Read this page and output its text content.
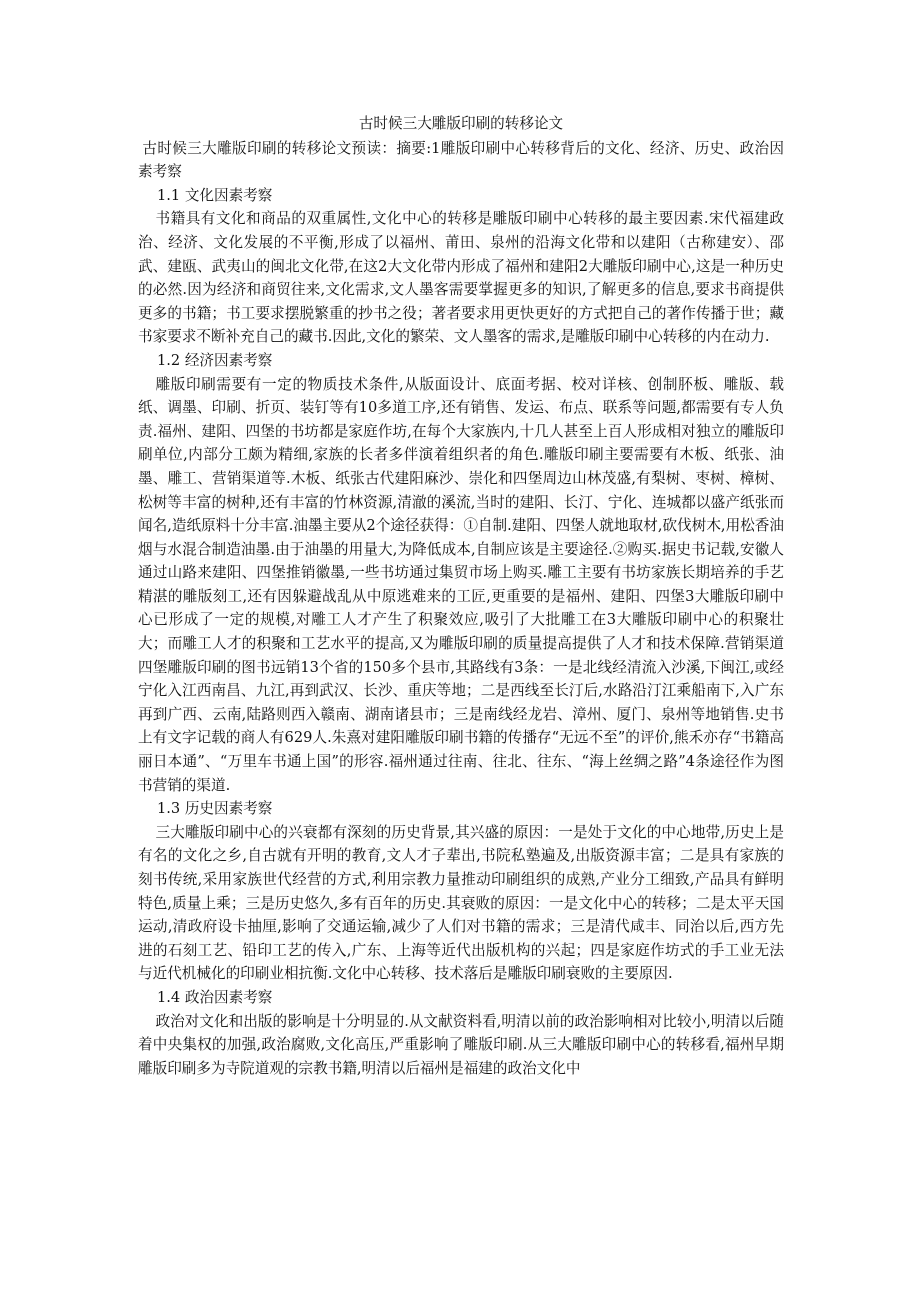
古时候三大雕版印刷的转移论文

古时候三大雕版印刷的转移论文预读：摘要:1雕版印刷中心转移背后的文化、经济、历史、政治因素考察

1.1 文化因素考察

书籍具有文化和商品的双重属性,文化中心的转移是雕版印刷中心转移的最主要因素.宋代福建政治、经济、文化发展的不平衡,形成了以福州、莆田、泉州的沿海文化带和以建阳（古称建安）、邵武、建瓯、武夷山的闽北文化带,在这2大文化带内形成了福州和建阳2大雕版印刷中心,这是一种历史的必然.因为经济和商贸往来,文化需求,文人墨客需要掌握更多的知识,了解更多的信息,要求书商提供更多的书籍；书工要求摆脱繁重的抄书之役；著者要求用更快更好的方式把自己的著作传播于世；藏书家要求不断补充自己的藏书.因此,文化的繁荣、文人墨客的需求,是雕版印刷中心转移的内在动力.

1.2 经济因素考察

雕版印刷需要有一定的物质技术条件,从版面设计、底面考据、校对详核、创制肧板、雕版、载纸、调墨、印刷、折页、装钉等有10多道工序,还有销售、发运、布点、联系等问题,都需要有专人负责.福州、建阳、四堡的书坊都是家庭作坊,在每个大家族内,十几人甚至上百人形成相对独立的雕版印刷单位,内部分工颇为精细,家族的长者多伴演着组织者的角色.雕版印刷主要需要有木板、纸张、油墨、雕工、营销渠道等.木板、纸张古代建阳麻沙、崇化和四堡周边山林茂盛,有梨树、枣树、樟树、松树等丰富的树种,还有丰富的竹林资源,清澈的溪流,当时的建阳、长汀、宁化、连城都以盛产纸张而闻名,造纸原料十分丰富.油墨主要从2个途径获得：①自制.建阳、四堡人就地取材,砍伐树木,用松香油烟与水混合制造油墨.由于油墨的用量大,为降低成本,自制应该是主要途径.②购买.据史书记载,安徽人通过山路来建阳、四堡推销徽墨,一些书坊通过集贸市场上购买.雕工主要有书坊家族长期培养的手艺精湛的雕版刻工,还有因躲避战乱从中原逃难来的工匠,更重要的是福州、建阳、四堡3大雕版印刷中心已形成了一定的规模,对雕工人才产生了积聚效应,吸引了大批雕工在3大雕版印刷中心的积聚壮大；而雕工人才的积聚和工艺水平的提高,又为雕版印刷的质量提高提供了人才和技术保障.营销渠道四堡雕版印刷的图书远销13个省的150多个县市,其路线有3条：一是北线经清流入沙溪,下闽江,或经宁化入江西南昌、九江,再到武汉、长沙、重庆等地；二是西线至长汀后,水路沿汀江乘船南下,入广东再到广西、云南,陆路则西入赣南、湖南诸县市；三是南线经龙岩、漳州、厦门、泉州等地销售.史书上有文字记载的商人有629人.朱熹对建阳雕版印刷书籍的传播存“无远不至”的评价,熊禾亦存“书籍高丽日本通”、“万里车书通上国”的形容.福州通过往南、往北、往东、“海上丝绸之路”4条途径作为图书营销的渠道.

1.3 历史因素考察

三大雕版印刷中心的兴衰都有深刻的历史背景,其兴盛的原因：一是处于文化的中心地带,历史上是有名的文化之乡,自古就有开明的教育,文人才子辈出,书院私塾遍及,出版资源丰富；二是具有家族的刻书传统,采用家族世代经营的方式,利用宗教力量推动印刷组织的成熟,产业分工细致,产品具有鲜明特色,质量上乘；三是历史悠久,多有百年的历史.其衰败的原因：一是文化中心的转移；二是太平天国运动,清政府设卡抽厘,影响了交通运输,减少了人们对书籍的需求；三是清代咸丰、同治以后,西方先进的石刻工艺、铅印工艺的传入,广东、上海等近代出版机构的兴起；四是家庭作坊式的手工业无法与近代机械化的印刷业相抗衡.文化中心转移、技术落后是雕版印刷衰败的主要原因.

1.4 政治因素考察

政治对文化和出版的影响是十分明显的.从文献资料看,明清以前的政治影响相对比较小,明清以后随着中央集权的加强,政治腐败,文化高压,严重影响了雕版印刷.从三大雕版印刷中心的转移看,福州早期雕版印刷多为寺院道观的宗教书籍,明清以后福州是福建的政治文化中
